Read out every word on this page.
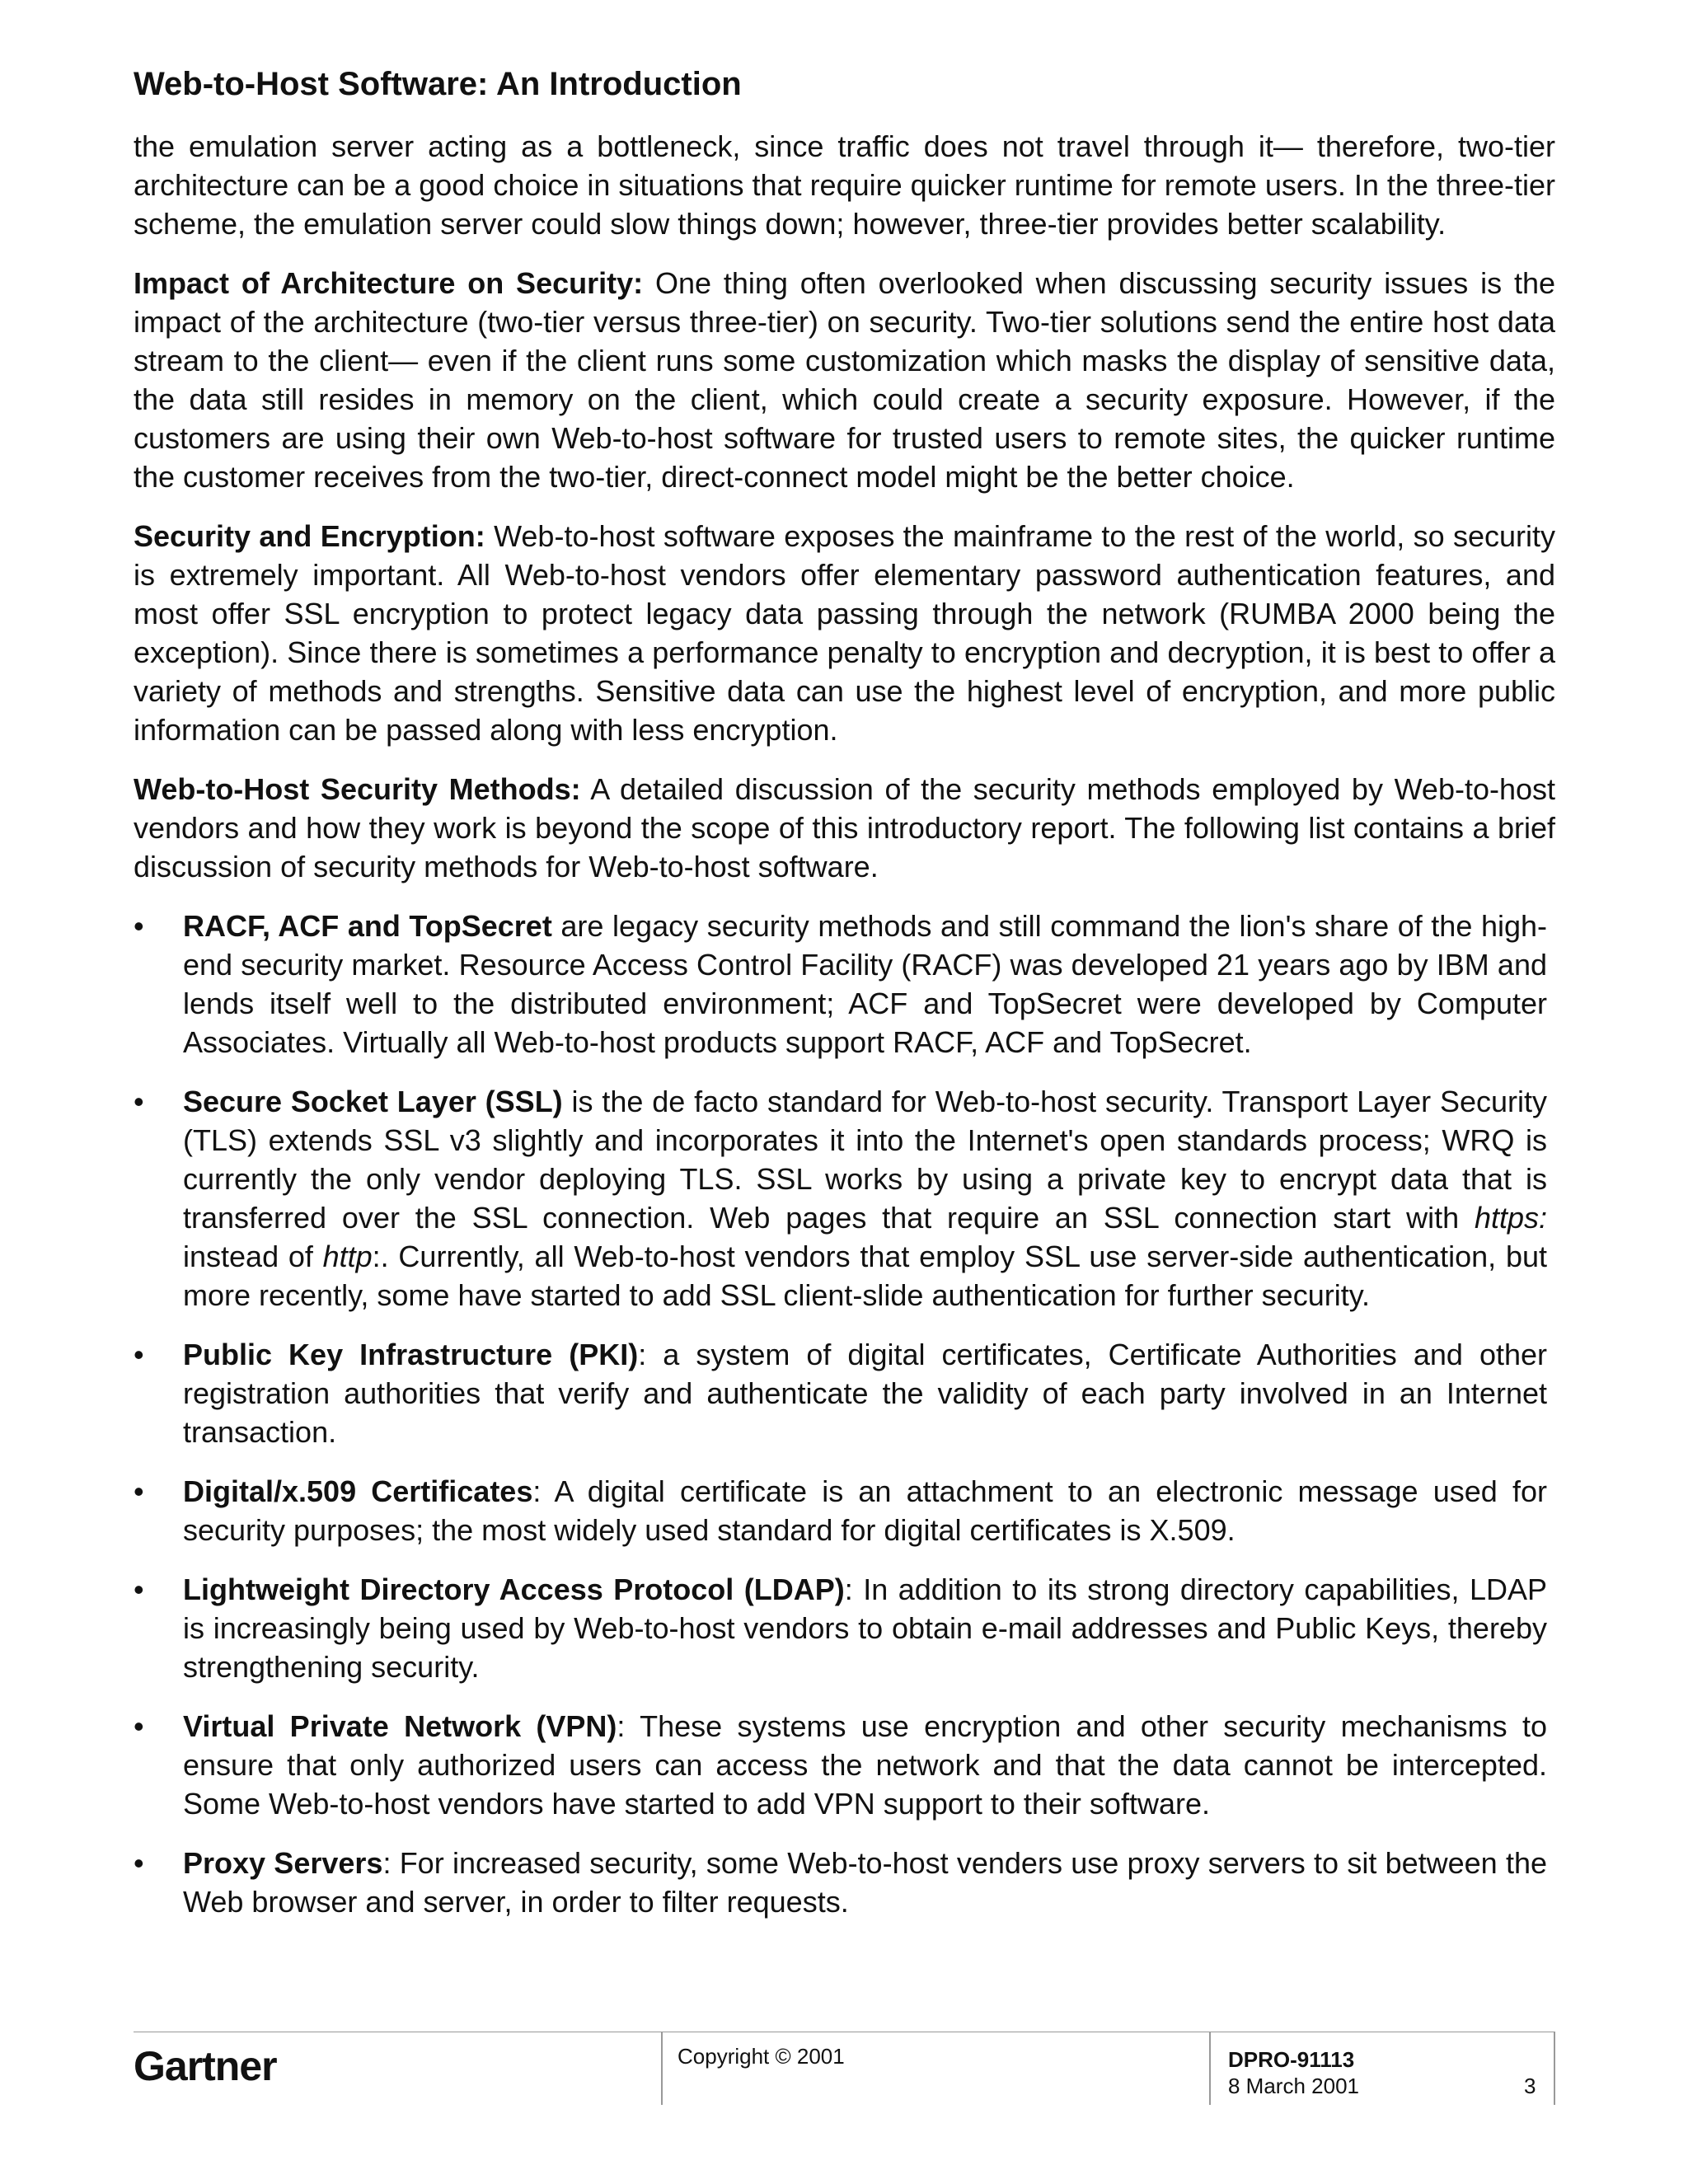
Web-to-Host Software: An Introduction

the emulation server acting as a bottleneck, since traffic does not travel through it— therefore, two-tier architecture can be a good choice in situations that require quicker runtime for remote users. In the three-tier scheme, the emulation server could slow things down; however, three-tier provides better scalability.

Impact of Architecture on Security: One thing often overlooked when discussing security issues is the impact of the architecture (two-tier versus three-tier) on security. Two-tier solutions send the entire host data stream to the client— even if the client runs some customization which masks the display of sensitive data, the data still resides in memory on the client, which could create a security exposure. However, if the customers are using their own Web-to-host software for trusted users to remote sites, the quicker runtime the customer receives from the two-tier, direct-connect model might be the better choice.

Security and Encryption: Web-to-host software exposes the mainframe to the rest of the world, so security is extremely important. All Web-to-host vendors offer elementary password authentication features, and most offer SSL encryption to protect legacy data passing through the network (RUMBA 2000 being the exception). Since there is sometimes a performance penalty to encryption and decryption, it is best to offer a variety of methods and strengths. Sensitive data can use the highest level of encryption, and more public information can be passed along with less encryption.

Web-to-Host Security Methods: A detailed discussion of the security methods employed by Web-to-host vendors and how they work is beyond the scope of this introductory report. The following list contains a brief discussion of security methods for Web-to-host software.

• RACF, ACF and TopSecret are legacy security methods and still command the lion's share of the high-end security market. Resource Access Control Facility (RACF) was developed 21 years ago by IBM and lends itself well to the distributed environment; ACF and TopSecret were developed by Computer Associates. Virtually all Web-to-host products support RACF, ACF and TopSecret.
• Secure Socket Layer (SSL) is the de facto standard for Web-to-host security. Transport Layer Security (TLS) extends SSL v3 slightly and incorporates it into the Internet's open standards process; WRQ is currently the only vendor deploying TLS. SSL works by using a private key to encrypt data that is transferred over the SSL connection. Web pages that require an SSL connection start with https: instead of http:. Currently, all Web-to-host vendors that employ SSL use server-side authentication, but more recently, some have started to add SSL client-slide authentication for further security.
• Public Key Infrastructure (PKI): a system of digital certificates, Certificate Authorities and other registration authorities that verify and authenticate the validity of each party involved in an Internet transaction.
• Digital/x.509 Certificates: A digital certificate is an attachment to an electronic message used for security purposes; the most widely used standard for digital certificates is X.509.
• Lightweight Directory Access Protocol (LDAP): In addition to its strong directory capabilities, LDAP is increasingly being used by Web-to-host vendors to obtain e-mail addresses and Public Keys, thereby strengthening security.
• Virtual Private Network (VPN): These systems use encryption and other security mechanisms to ensure that only authorized users can access the network and that the data cannot be intercepted. Some Web-to-host vendors have started to add VPN support to their software.
• Proxy Servers: For increased security, some Web-to-host venders use proxy servers to sit between the Web browser and server, in order to filter requests.
Gartner	Copyright © 2001	DPRO-91113
8 March 2001	3
